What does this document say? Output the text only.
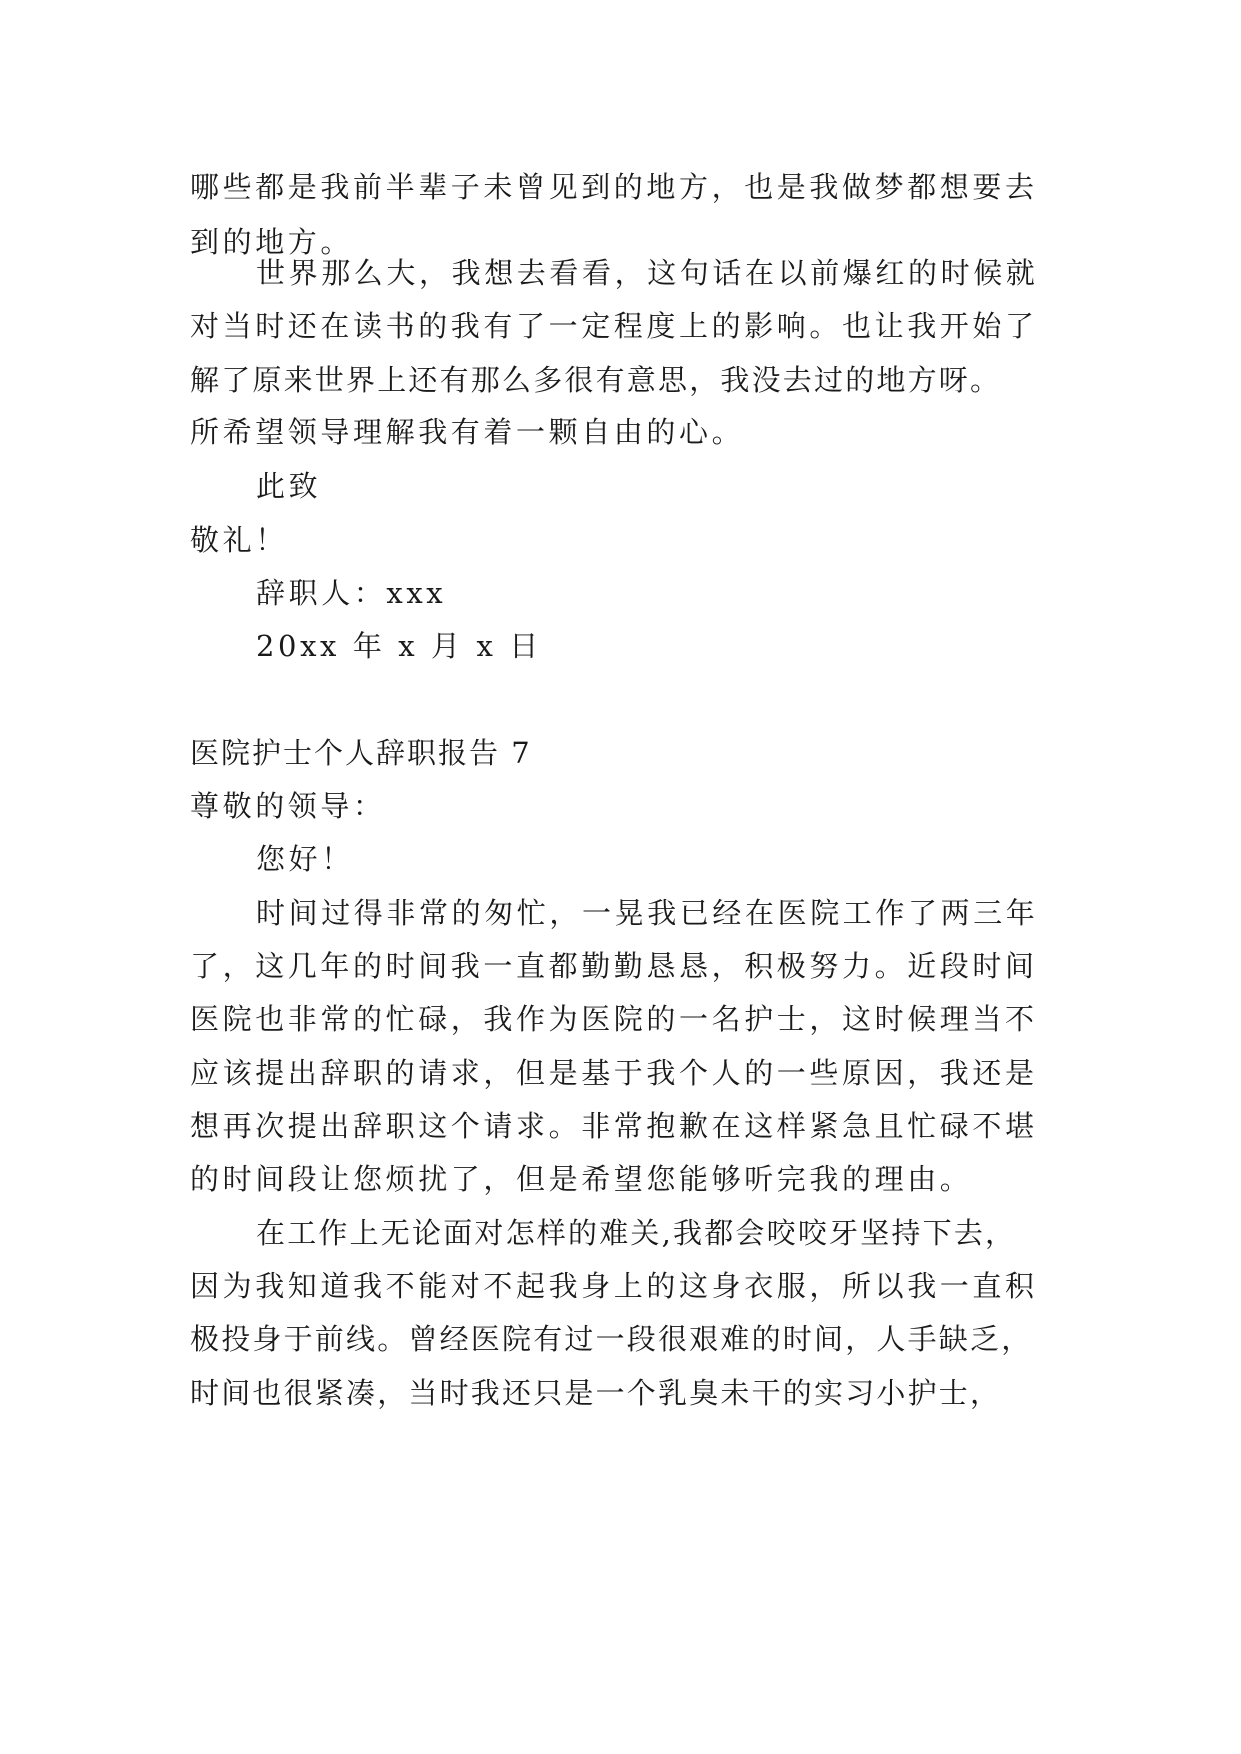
哪些都是我前半辈子未曾见到的地方，也是我做梦都想要去

到的地方。

世界那么大，我想去看看，这句话在以前爆红的时候就

对当时还在读书的我有了一定程度上的影响。也让我开始了

解了原来世界上还有那么多很有意思，我没去过的地方呀。

所希望领导理解我有着一颗自由的心。

此致

敬礼！

辞职人：xxx

20xx 年 x 月 x 日

医院护士个人辞职报告 7

尊敬的领导：

您好！

时间过得非常的匆忙，一晃我已经在医院工作了两三年

了，这几年的时间我一直都勤勤恳恳，积极努力。近段时间

医院也非常的忙碌，我作为医院的一名护士，这时候理当不

应该提出辞职的请求，但是基于我个人的一些原因，我还是

想再次提出辞职这个请求。非常抱歉在这样紧急且忙碌不堪

的时间段让您烦扰了，但是希望您能够听完我的理由。

在工作上无论面对怎样的难关,我都会咬咬牙坚持下去，

因为我知道我不能对不起我身上的这身衣服，所以我一直积

极投身于前线。曾经医院有过一段很艰难的时间，人手缺乏，

时间也很紧凑，当时我还只是一个乳臭未干的实习小护士，
